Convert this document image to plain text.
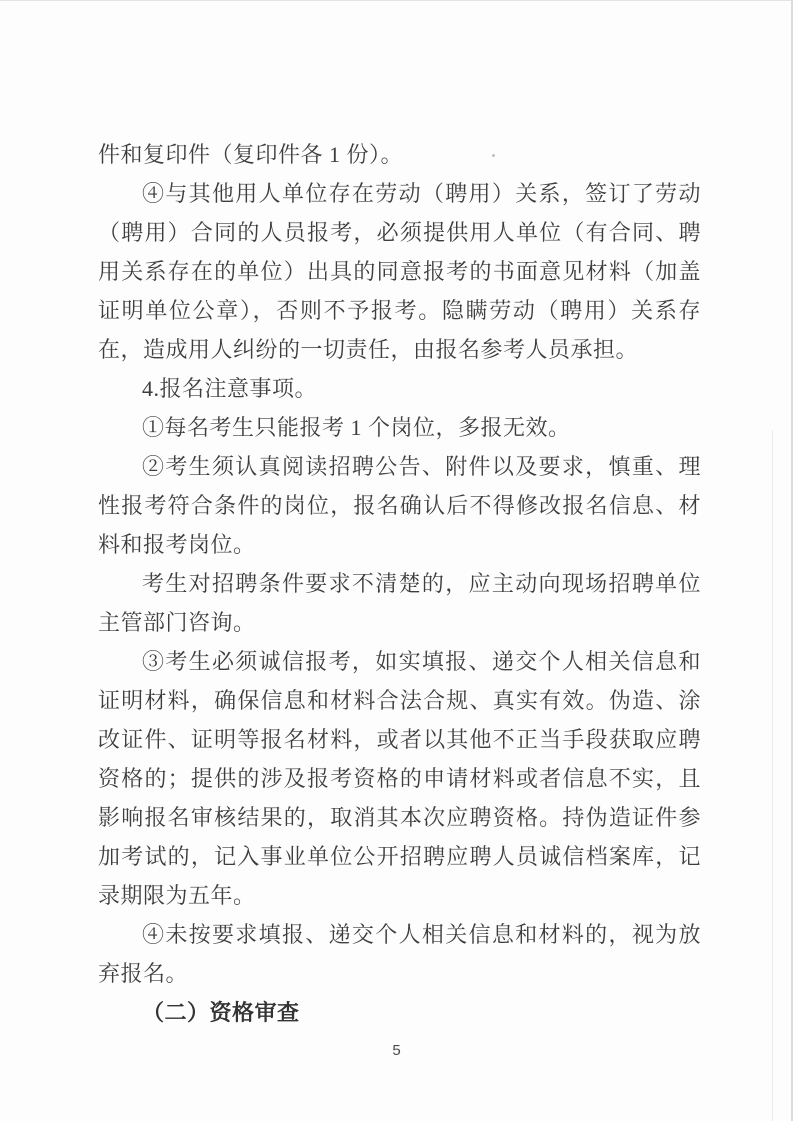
件和复印件（复印件各 1 份）。

④与其他用人单位存在劳动（聘用）关系，签订了劳动（聘用）合同的人员报考，必须提供用人单位（有合同、聘用关系存在的单位）出具的同意报考的书面意见材料（加盖证明单位公章），否则不予报考。隐瞒劳动（聘用）关系存在，造成用人纠纷的一切责任，由报名参考人员承担。

4.报名注意事项。

①每名考生只能报考 1 个岗位，多报无效。

②考生须认真阅读招聘公告、附件以及要求，慎重、理性报考符合条件的岗位，报名确认后不得修改报名信息、材料和报考岗位。

考生对招聘条件要求不清楚的，应主动向现场招聘单位主管部门咨询。

③考生必须诚信报考，如实填报、递交个人相关信息和证明材料，确保信息和材料合法合规、真实有效。伪造、涂改证件、证明等报名材料，或者以其他不正当手段获取应聘资格的；提供的涉及报考资格的申请材料或者信息不实，且影响报名审核结果的，取消其本次应聘资格。持伪造证件参加考试的，记入事业单位公开招聘应聘人员诚信档案库，记录期限为五年。

④未按要求填报、递交个人相关信息和材料的，视为放弃报名。

（二）资格审查

5
